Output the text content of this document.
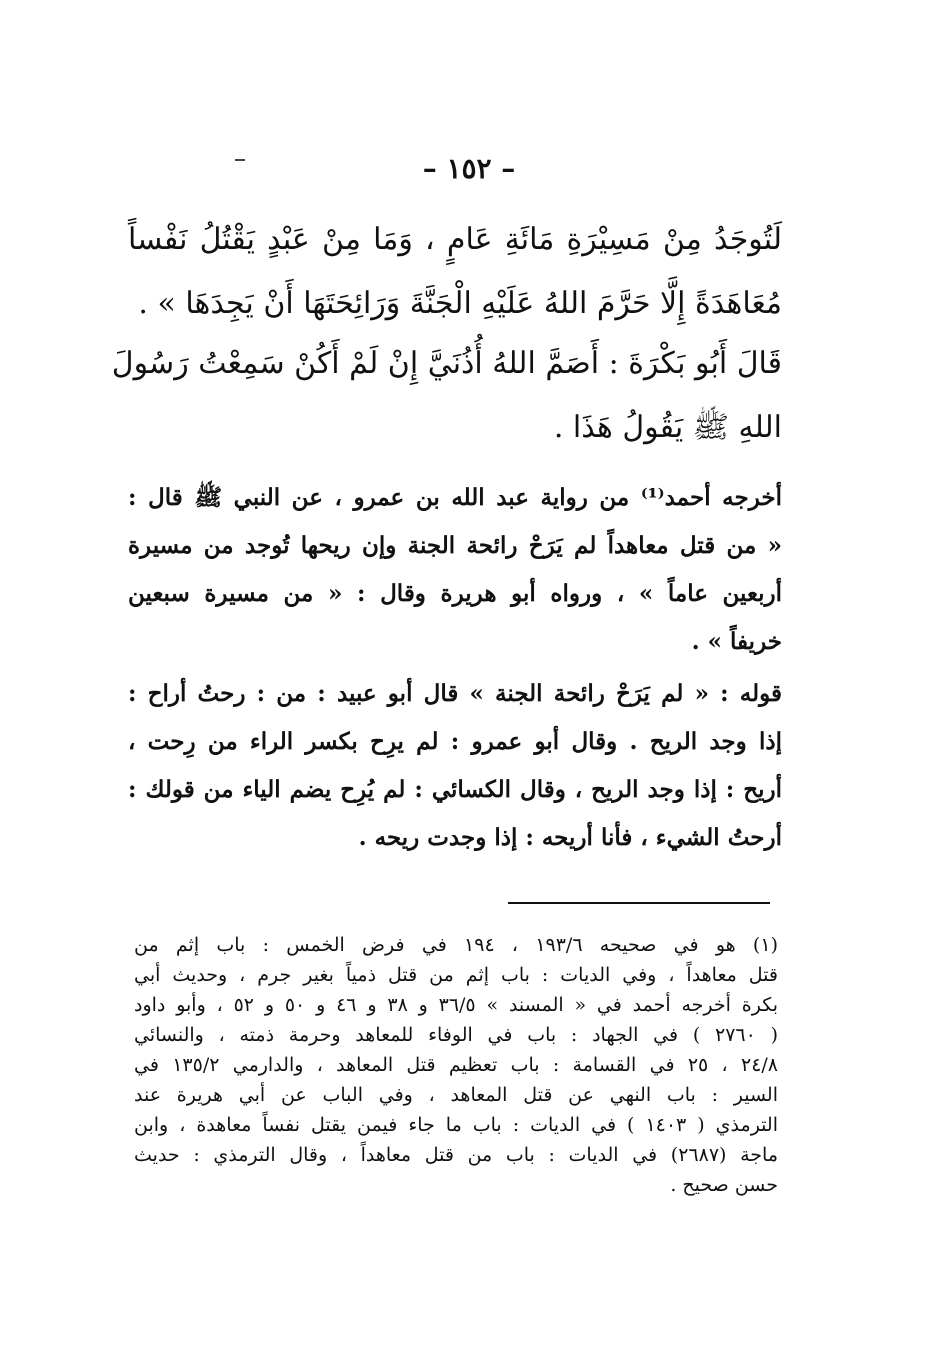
– ١٥٢ –
لَتُوجَدُ مِنْ مَسِيْرَةِ مَائَةِ عَامٍ ، وَمَا مِنْ عَبْدٍ يَقْتُلُ نَفْساً
مُعَاهَدَةً إِلَّا حَرَّمَ اللهُ عَلَيْهِ الْجَنَّةَ وَرَائِحَتَهَا أَنْ يَجِدَهَا » .
قَالَ أَبُو بَكْرَةَ : أَصَمَّ اللهُ أُذُنَيَّ إِنْ لَمْ أَكُنْ سَمِعْتُ رَسُولَ
اللهِ ﷺ يَقُولُ هَذَا .
أخرجه أحمد⁽¹⁾ من رواية عبد الله بن عمرو ، عن النبي ﷺ قال :
« من قتل معاهداً لم يَرَحْ رائحة الجنة وإن ريحها تُوجد من مسيرة
أربعين عاماً » ، ورواه أبو هريرة وقال : « من مسيرة سبعين
خريفاً » .
قوله : « لم يَرَحْ رائحة الجنة » قال أبو عبيد : من : رحتُ أراح :
إذا وجد الريح . وقال أبو عمرو : لم يرِح بكسر الراء من رِحت ،
أريح : إذا وجد الريح ، وقال الكسائي : لم يُرِح يضم الياء من قولك :
أرحتُ الشيء ، فأنا أريحه : إذا وجدت ريحه .
(١) هو في صحيحه ١٩٣/٦ ، ١٩٤ في فرض الخمس : باب إثم من
قتل معاهداً ، وفي الديات : باب إثم من قتل ذمياً بغير جرم ، وحديث أبي
بكرة أخرجه أحمد في « المسند » ٣٦/٥ و ٣٨ و ٤٦ و ٥٠ و ٥٢ ، وأبو داود
( ٢٧٦٠ ) في الجهاد : باب في الوفاء للمعاهد وحرمة ذمته ، والنسائي
٢٤/٨ ، ٢٥ في القسامة : باب تعظيم قتل المعاهد ، والدارمي ١٣٥/٢ في
السير : باب النهي عن قتل المعاهد ، وفي الباب عن أبي هريرة عند
الترمذي ( ١٤٠٣ ) في الديات : باب ما جاء فيمن يقتل نفساً معاهدة ، وابن
ماجة (٢٦٨٧) في الديات : باب من قتل معاهداً ، وقال الترمذي : حديث
حسن صحيح .
